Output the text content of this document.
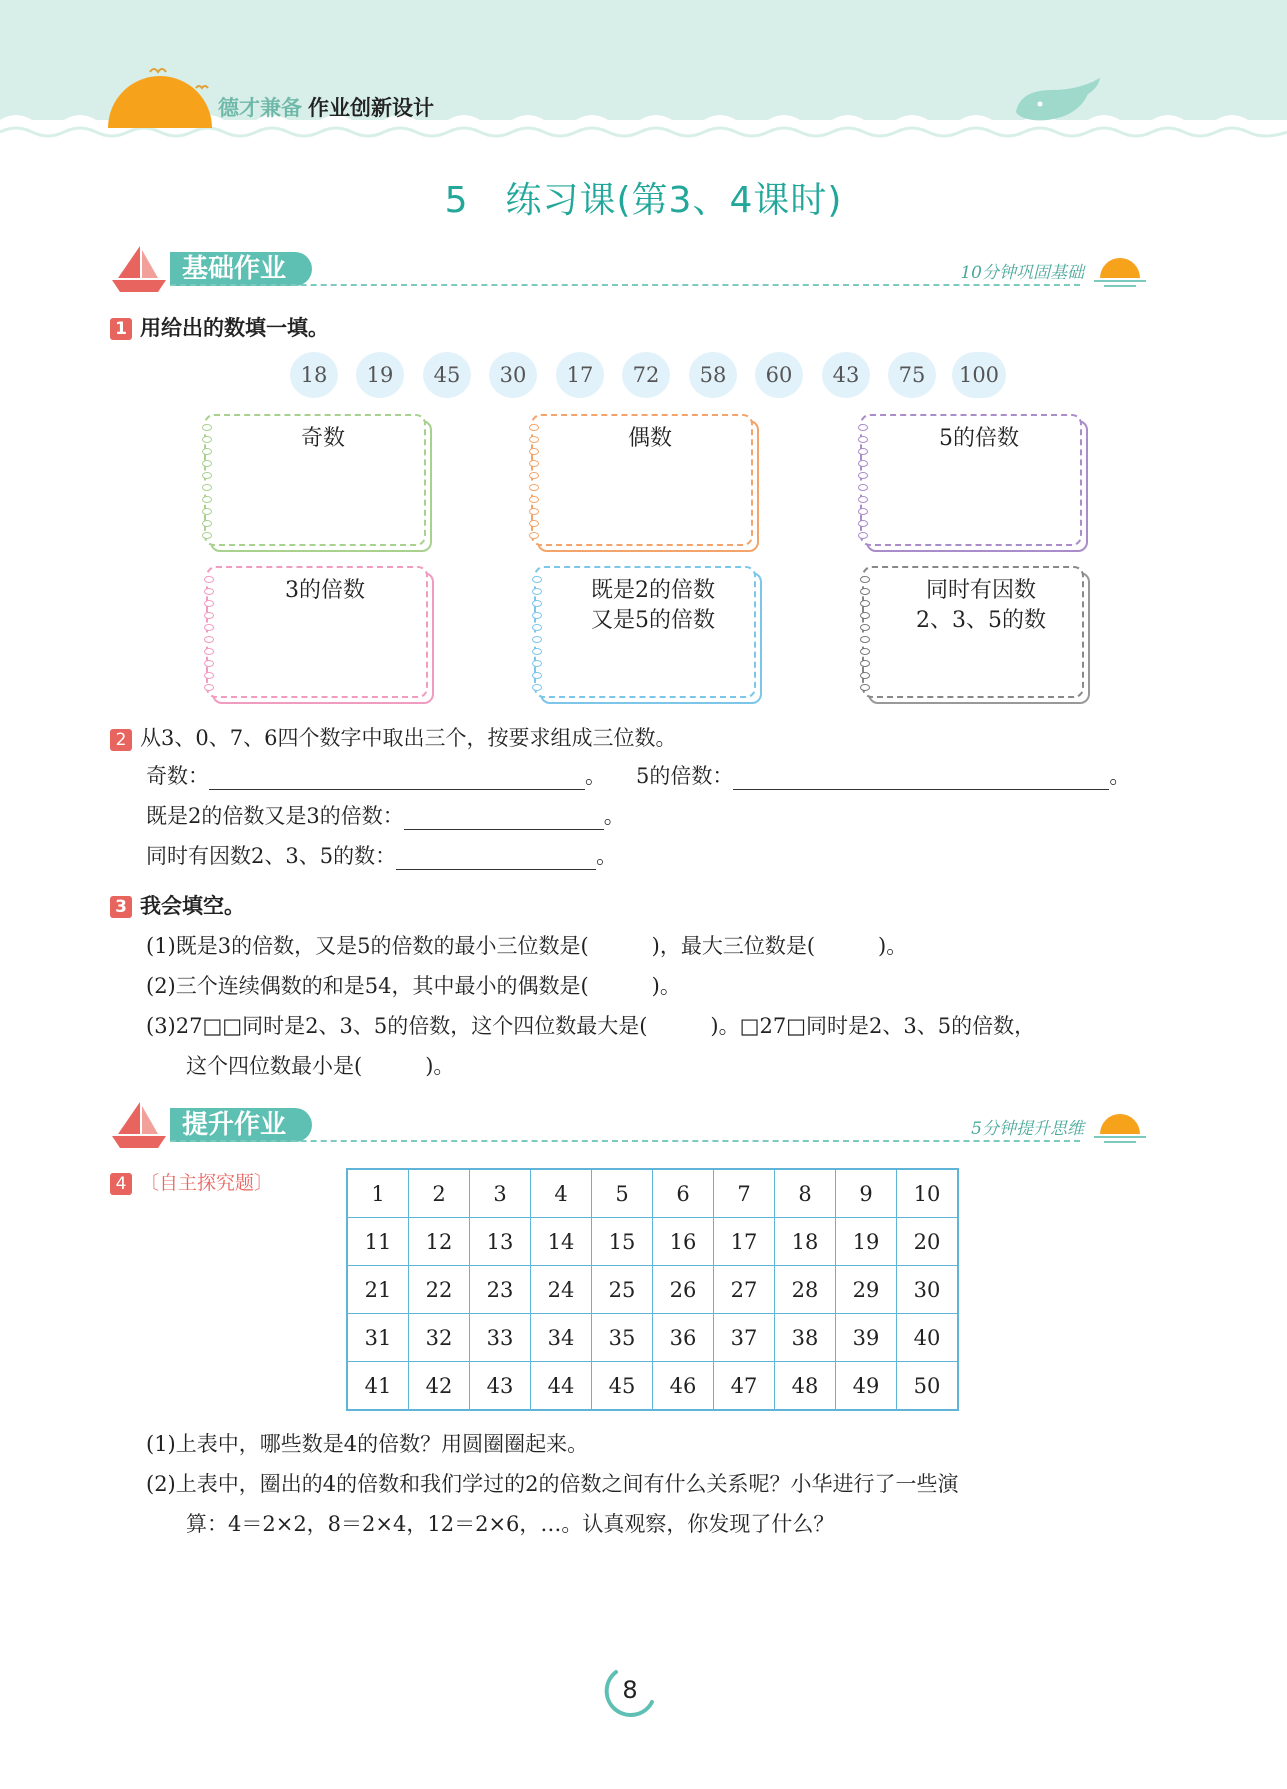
德才兼备 作业创新设计
5　练习课(第3、4课时)
基础作业	10分钟巩固基础
1 用给出的数填一填。
18	19	45	30	17	72	58	60	43	75	100
奇数	偶数	5的倍数
3的倍数	既是2的倍数
又是5的倍数
同时有因数
2、3、5的数
2 从3、0、7、6四个数字中取出三个，按要求组成三位数。
奇数：	。 5的倍数：	。
既是2的倍数又是3的倍数：	。
同时有因数2、3、5的数：	。
3 我会填空。
(1)既是3的倍数，又是5的倍数的最小三位数是(　　　)，最大三位数是(　　　)。
(2)三个连续偶数的和是54，其中最小的偶数是(　　　)。
(3)27□□同时是2、3、5的倍数，这个四位数最大是(　　　)。□27□同时是2、3、5的倍数，
这个四位数最小是(　　　)。
提升作业	5分钟提升思维
4 〔自主探究题〕	1	2	3	4	5	6	7	8	9	10
11	12	13	14	15	16	17	18	19	20
21	22	23	24	25	26	27	28	29	30
31	32	33	34	35	36	37	38	39	40
41	42	43	44	45	46	47	48	49	50
(1)上表中，哪些数是4的倍数？用圆圈圈起来。
(2)上表中，圈出的4的倍数和我们学过的2的倍数之间有什么关系呢？小华进行了一些演
算：4＝2×2，8＝2×4，12＝2×6，…。认真观察，你发现了什么？
8
